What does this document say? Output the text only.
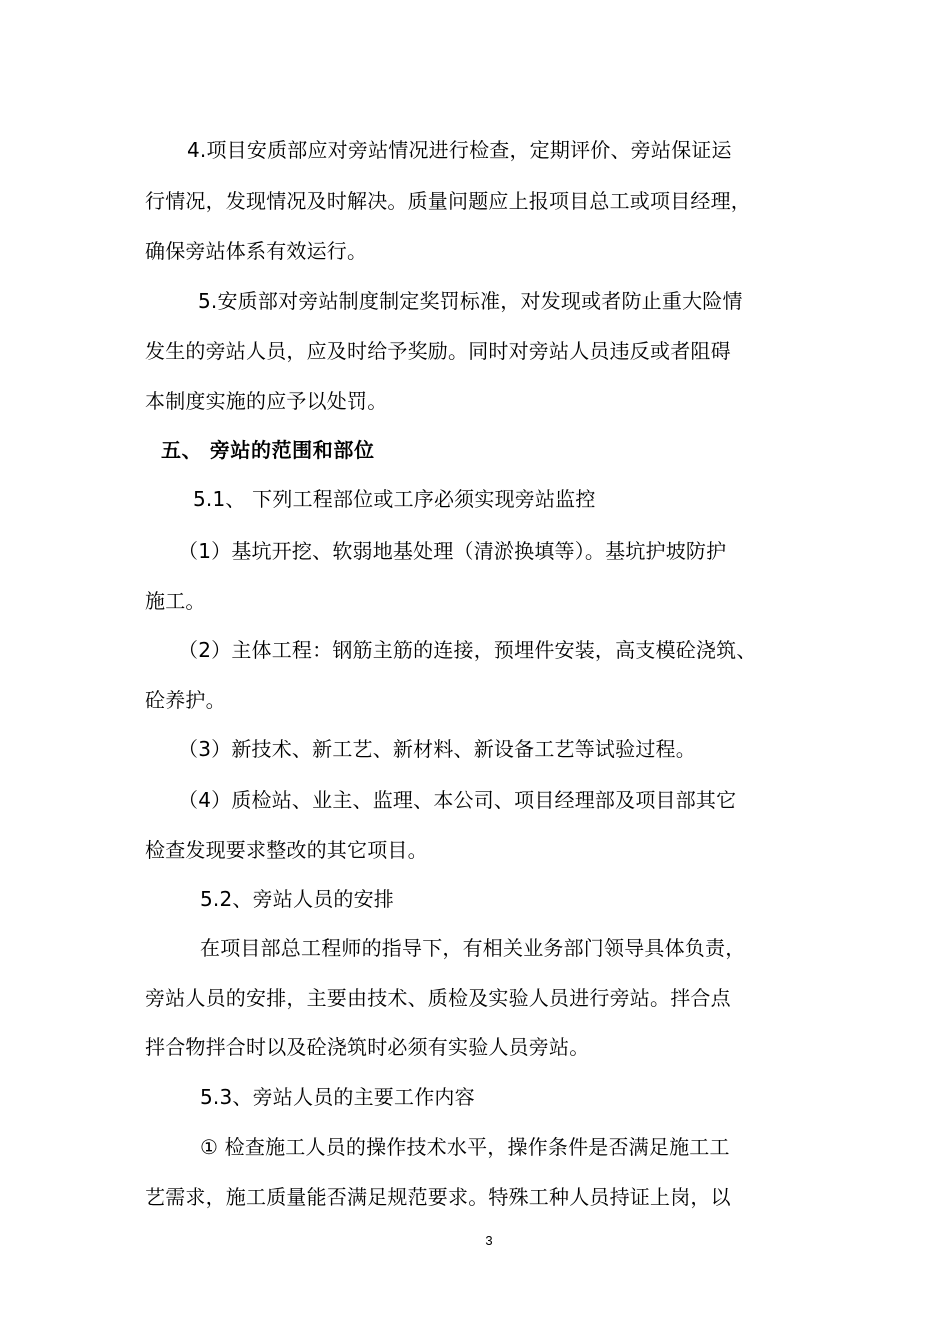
4.项目安质部应对旁站情况进行检查，定期评价、旁站保证运
行情况，发现情况及时解决。质量问题应上报项目总工或项目经理，
确保旁站体系有效运行。
5.安质部对旁站制度制定奖罚标准，对发现或者防止重大险情
发生的旁站人员，应及时给予奖励。同时对旁站人员违反或者阻碍
本制度实施的应予以处罚。
五、 旁站的范围和部位
5.1、 下列工程部位或工序必须实现旁站监控
（1）基坑开挖、软弱地基处理（清淤换填等）。基坑护坡防护
施工。
（2）主体工程：钢筋主筋的连接，预埋件安装，高支模砼浇筑、
砼养护。
（3）新技术、新工艺、新材料、新设备工艺等试验过程。
（4）质检站、业主、监理、本公司、项目经理部及项目部其它
检查发现要求整改的其它项目。
5.2、旁站人员的安排
在项目部总工程师的指导下，有相关业务部门领导具体负责，
旁站人员的安排，主要由技术、质检及实验人员进行旁站。拌合点
拌合物拌合时以及砼浇筑时必须有实验人员旁站。
5.3、旁站人员的主要工作内容
① 检查施工人员的操作技术水平，操作条件是否满足施工工
艺需求，施工质量能否满足规范要求。特殊工种人员持证上岗，以
3
